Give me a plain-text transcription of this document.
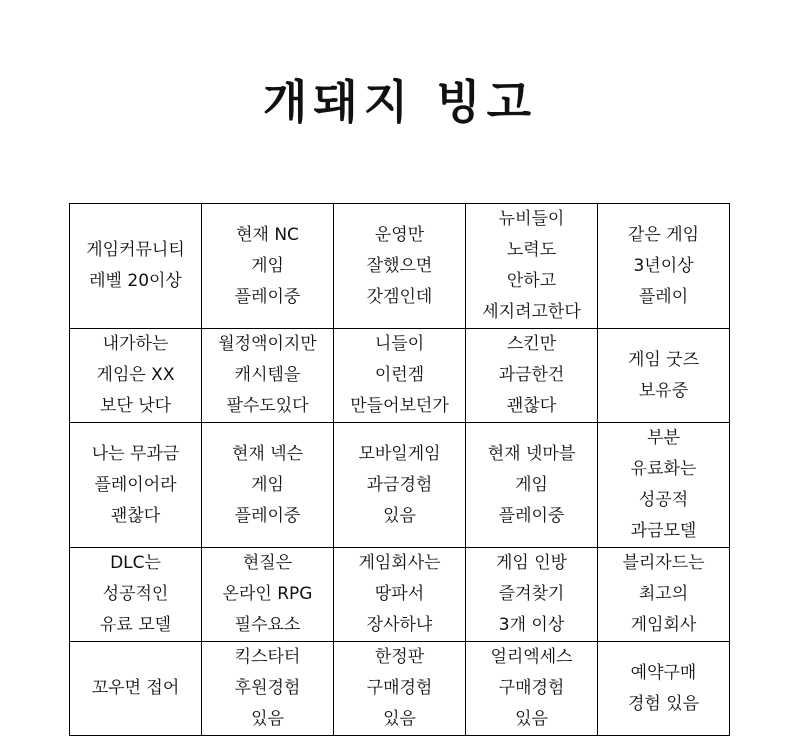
개돼지 빙고
게임커뮤니티
레벨 20이상	현재 NC
게임
플레이중	운영만
잘했으면
갓겜인데	뉴비들이
노력도
안하고
세지려고한다	같은 게임
3년이상
플레이

내가하는
게임은 XX
보단 낫다	월정액이지만
캐시템을
팔수도있다	니들이
이런겜
만들어보던가	스킨만
과금한건
괜찮다	게임 굿즈
보유중

나는 무과금
플레이어라
괜찮다	현재 넥슨
게임
플레이중	모바일게임
과금경험
있음	현재 넷마블
게임
플레이중	부분
유료화는
성공적
과금모델

DLC는
성공적인
유료 모델	현질은
온라인 RPG
필수요소	게임회사는
땅파서
장사하냐	게임 인방
즐겨찾기
3개 이상	블리자드는
최고의
게임회사

꼬우면 접어	킥스타터
후원경험
있음	한정판
구매경험
있음	얼리엑세스
구매경험
있음	예약구매
경험 있음
